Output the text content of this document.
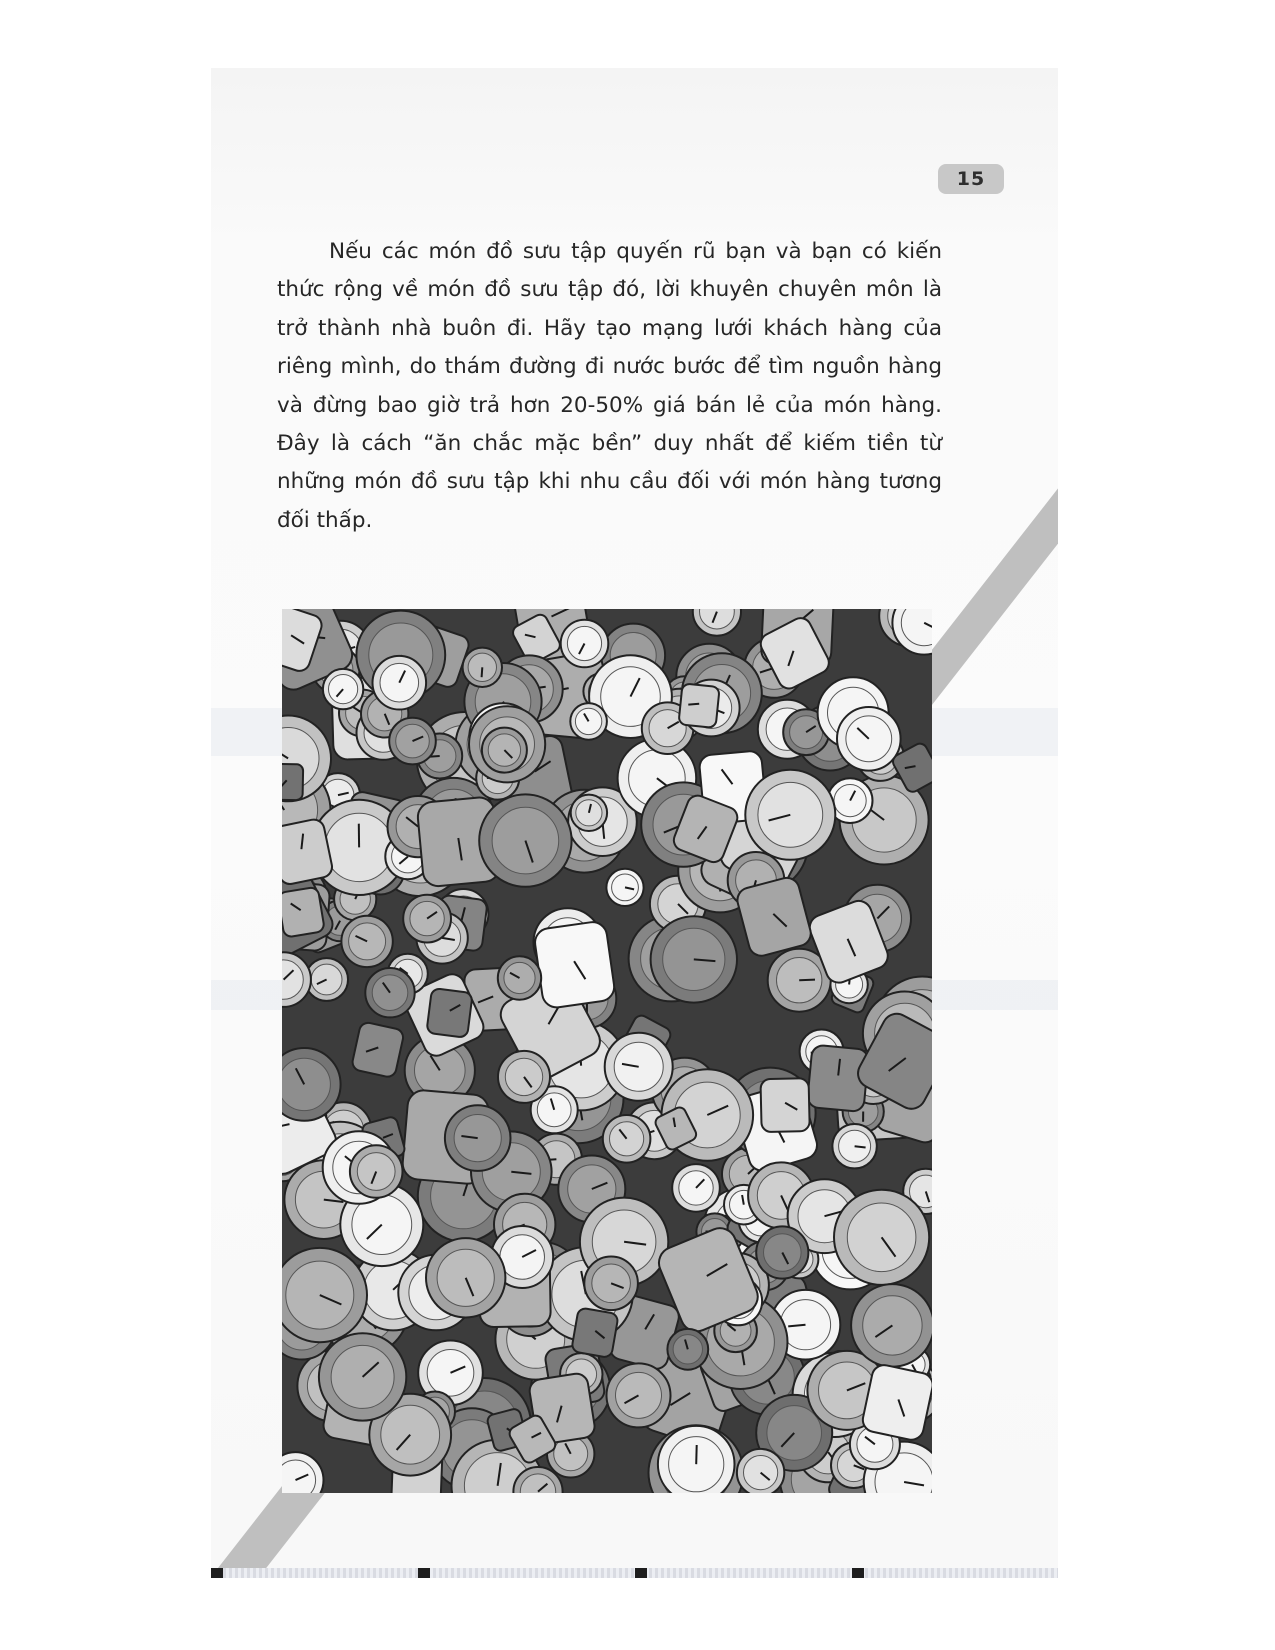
15

Nếu các món đồ sưu tập quyến rũ bạn và bạn có kiến thức rộng về món đồ sưu tập đó, lời khuyên chuyên môn là trở thành nhà buôn đi. Hãy tạo mạng lưới khách hàng của riêng mình, do thám đường đi nước bước để tìm nguồn hàng và đừng bao giờ trả hơn 20-50% giá bán lẻ của món hàng. Đây là cách “ăn chắc mặc bền” duy nhất để kiếm tiền từ những món đồ sưu tập khi nhu cầu đối với món hàng tương đối thấp.
